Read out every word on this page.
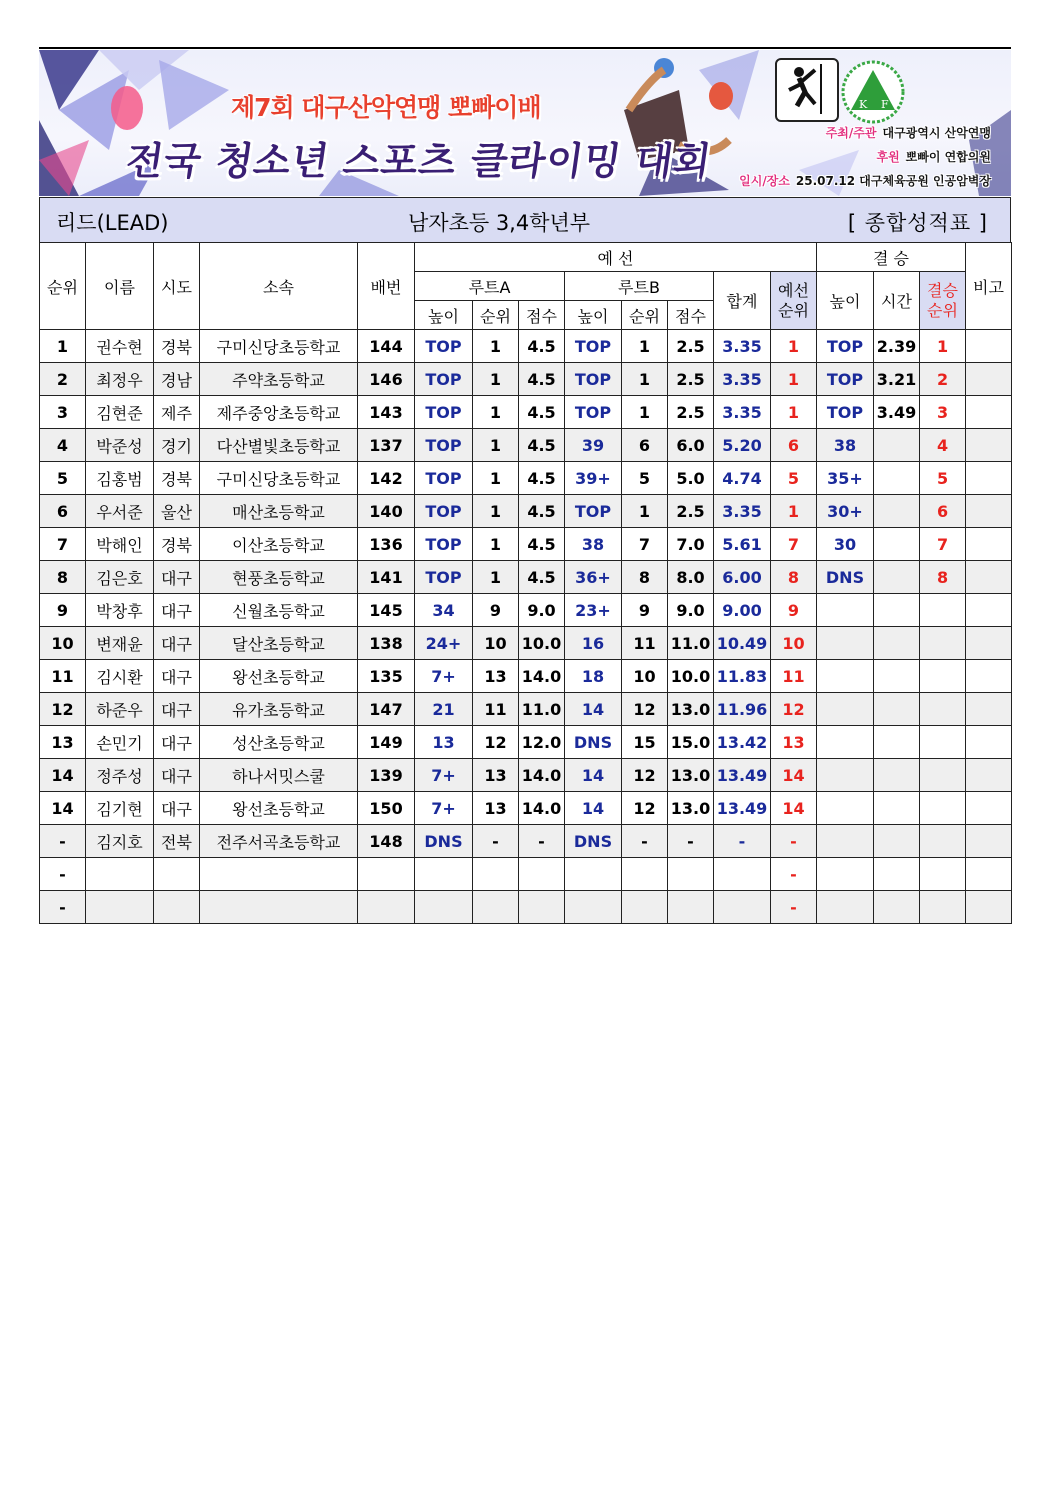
제7회 대구산악연맹 뽀빠이배
전국 청소년 스포츠 클라이밍 대회
K F
주최/주관 대구광역시 산악연맹
후원 뽀빠이 연합의원
일시/장소 25.07.12 대구체육공원 인공암벽장
리드(LEAD)	남자초등 3,4학년부	[ 종합성적표 ]
순위	이름	시도	소속	배번	예 선								결 승			비고
					루트A			루트B			합계	예선 순위	높이	시간	결승 순위	
					높이	순위	점수	높이	순위	점수						
1	권수현	경북	구미신당초등학교	144	TOP	1	4.5	TOP	1	2.5	3.35	1	TOP	2.39	1	
2	최정우	경남	주약초등학교	146	TOP	1	4.5	TOP	1	2.5	3.35	1	TOP	3.21	2	
3	김현준	제주	제주중앙초등학교	143	TOP	1	4.5	TOP	1	2.5	3.35	1	TOP	3.49	3	
4	박준성	경기	다산별빛초등학교	137	TOP	1	4.5	39	6	6.0	5.20	6	38		4	
5	김홍범	경북	구미신당초등학교	142	TOP	1	4.5	39+	5	5.0	4.74	5	35+		5	
6	우서준	울산	매산초등학교	140	TOP	1	4.5	TOP	1	2.5	3.35	1	30+		6	
7	박해인	경북	이산초등학교	136	TOP	1	4.5	38	7	7.0	5.61	7	30		7	
8	김은호	대구	현풍초등학교	141	TOP	1	4.5	36+	8	8.0	6.00	8	DNS		8	
9	박창후	대구	신월초등학교	145	34	9	9.0	23+	9	9.0	9.00	9				
10	변재윤	대구	달산초등학교	138	24+	10	10.0	16	11	11.0	10.49	10				
11	김시환	대구	왕선초등학교	135	7+	13	14.0	18	10	10.0	11.83	11				
12	하준우	대구	유가초등학교	147	21	11	11.0	14	12	13.0	11.96	12				
13	손민기	대구	성산초등학교	149	13	12	12.0	DNS	15	15.0	13.42	13				
14	정주성	대구	하나서밋스쿨	139	7+	13	14.0	14	12	13.0	13.49	14				
14	김기현	대구	왕선초등학교	150	7+	13	14.0	14	12	13.0	13.49	14				
-	김지호	전북	전주서곡초등학교	148	DNS	-	-	DNS	-	-	-	-				
-												-				
-												-				
